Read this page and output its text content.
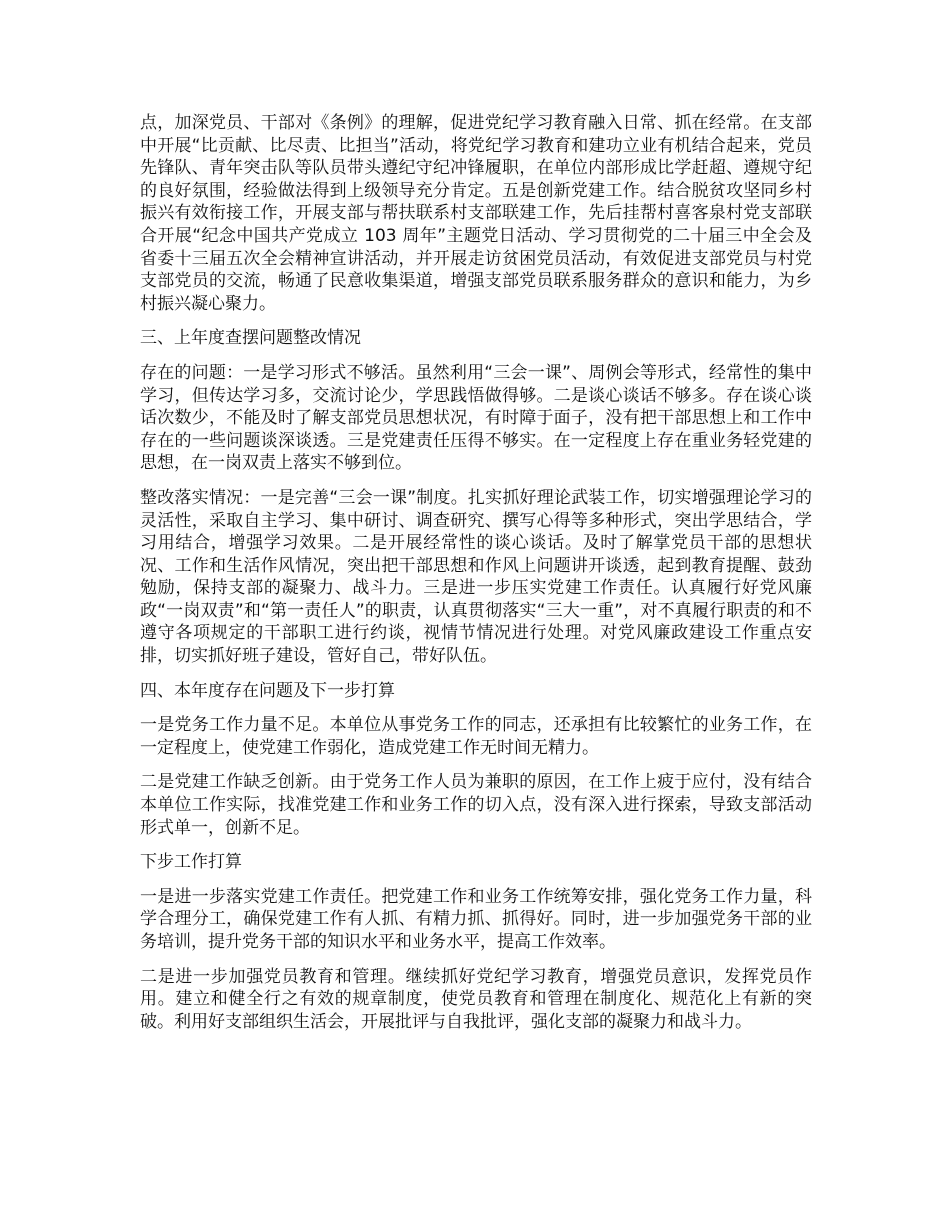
点，加深党员、干部对《条例》的理解，促进党纪学习教育融入日常、抓在经常。在支部中开展“比贡献、比尽责、比担当”活动，将党纪学习教育和建功立业有机结合起来，党员先锋队、青年突击队等队员带头遵纪守纪冲锋履职，在单位内部形成比学赶超、遵规守纪的良好氛围，经验做法得到上级领导充分肯定。五是创新党建工作。结合脱贫攻坚同乡村振兴有效衔接工作，开展支部与帮扶联系村支部联建工作，先后挂帮村喜客泉村党支部联合开展“纪念中国共产党成立 103 周年”主题党日活动、学习贯彻党的二十届三中全会及省委十三届五次全会精神宣讲活动，并开展走访贫困党员活动，有效促进支部党员与村党支部党员的交流，畅通了民意收集渠道，增强支部党员联系服务群众的意识和能力，为乡村振兴凝心聚力。

三、上年度查摆问题整改情况

存在的问题：一是学习形式不够活。虽然利用“三会一课”、周例会等形式，经常性的集中学习，但传达学习多，交流讨论少，学思践悟做得够。二是谈心谈话不够多。存在谈心谈话次数少，不能及时了解支部党员思想状况，有时障于面子，没有把干部思想上和工作中存在的一些问题谈深谈透。三是党建责任压得不够实。在一定程度上存在重业务轻党建的思想，在一岗双责上落实不够到位。

整改落实情况：一是完善“三会一课”制度。扎实抓好理论武装工作，切实增强理论学习的灵活性，采取自主学习、集中研讨、调查研究、撰写心得等多种形式，突出学思结合，学习用结合，增强学习效果。二是开展经常性的谈心谈话。及时了解掌党员干部的思想状况、工作和生活作风情况，突出把干部思想和作风上问题讲开谈透，起到教育提醒、鼓劲勉励，保持支部的凝聚力、战斗力。三是进一步压实党建工作责任。认真履行好党风廉政“一岗双责”和“第一责任人”的职责，认真贯彻落实“三大一重”，对不真履行职责的和不遵守各项规定的干部职工进行约谈，视情节情况进行处理。对党风廉政建设工作重点安排，切实抓好班子建设，管好自己，带好队伍。

四、本年度存在问题及下一步打算

一是党务工作力量不足。本单位从事党务工作的同志，还承担有比较繁忙的业务工作，在一定程度上，使党建工作弱化，造成党建工作无时间无精力。

二是党建工作缺乏创新。由于党务工作人员为兼职的原因，在工作上疲于应付，没有结合本单位工作实际，找准党建工作和业务工作的切入点，没有深入进行探索，导致支部活动形式单一，创新不足。

下步工作打算

一是进一步落实党建工作责任。把党建工作和业务工作统筹安排，强化党务工作力量，科学合理分工，确保党建工作有人抓、有精力抓、抓得好。同时，进一步加强党务干部的业务培训，提升党务干部的知识水平和业务水平，提高工作效率。

二是进一步加强党员教育和管理。继续抓好党纪学习教育，增强党员意识，发挥党员作用。建立和健全行之有效的规章制度，使党员教育和管理在制度化、规范化上有新的突破。利用好支部组织生活会，开展批评与自我批评，强化支部的凝聚力和战斗力。
